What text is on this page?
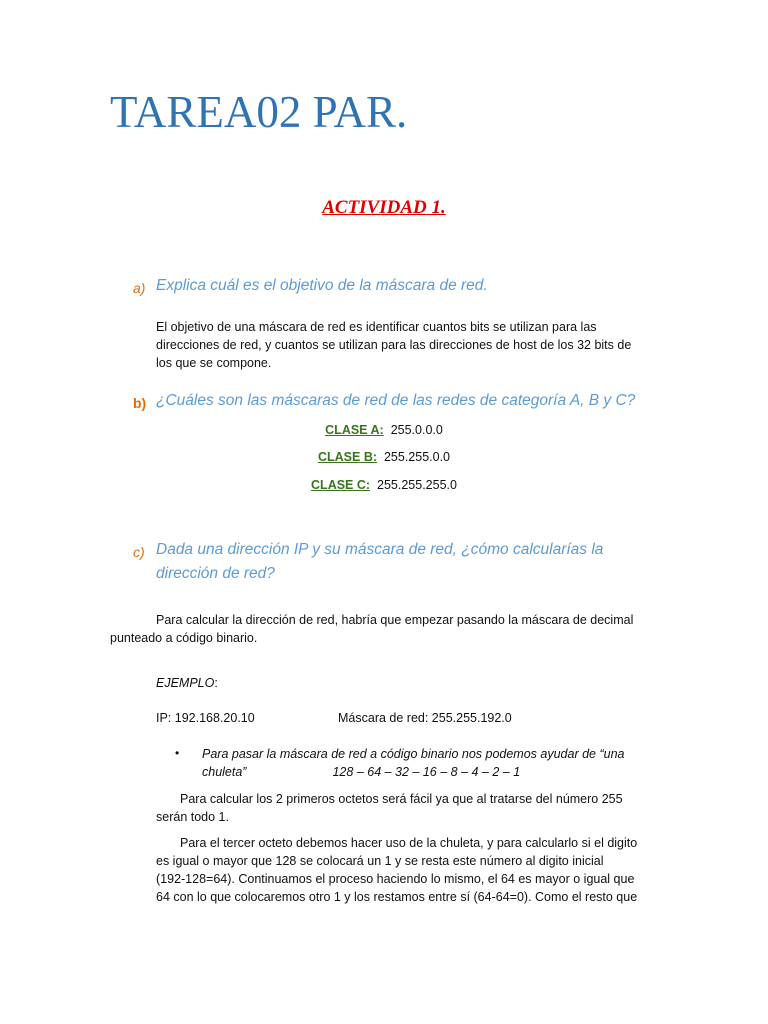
TAREA02 PAR.
ACTIVIDAD 1.
a) Explica cuál es el objetivo de la máscara de red.
El objetivo de una máscara de red es identificar cuantos bits se utilizan para las
direcciones de red, y cuantos se utilizan para las direcciones de host de los 32 bits de
los que se compone.
b) ¿Cuáles son las máscaras de red de las redes de categoría A, B y C?
CLASE A: 255.0.0.0
CLASE B: 255.255.0.0
CLASE C: 255.255.255.0
c) Dada una dirección IP y su máscara de red, ¿cómo calcularías la
dirección de red?
Para calcular la dirección de red, habría que empezar pasando la máscara de decimal
punteado a código binario.
EJEMPLO:
IP: 192.168.20.10	Máscara de red: 255.255.192.0
• Para pasar la máscara de red a código binario nos podemos ayudar de “una
chuleta”	128 – 64 – 32 – 16 – 8 – 4 – 2 – 1
Para calcular los 2 primeros octetos será fácil ya que al tratarse del número 255
serán todo 1.
Para el tercer octeto debemos hacer uso de la chuleta, y para calcularlo si el digito
es igual o mayor que 128 se colocará un 1 y se resta este número al digito inicial
(192-128=64). Continuamos el proceso haciendo lo mismo, el 64 es mayor o igual que
64 con lo que colocaremos otro 1 y los restamos entre sí (64-64=0). Como el resto que
